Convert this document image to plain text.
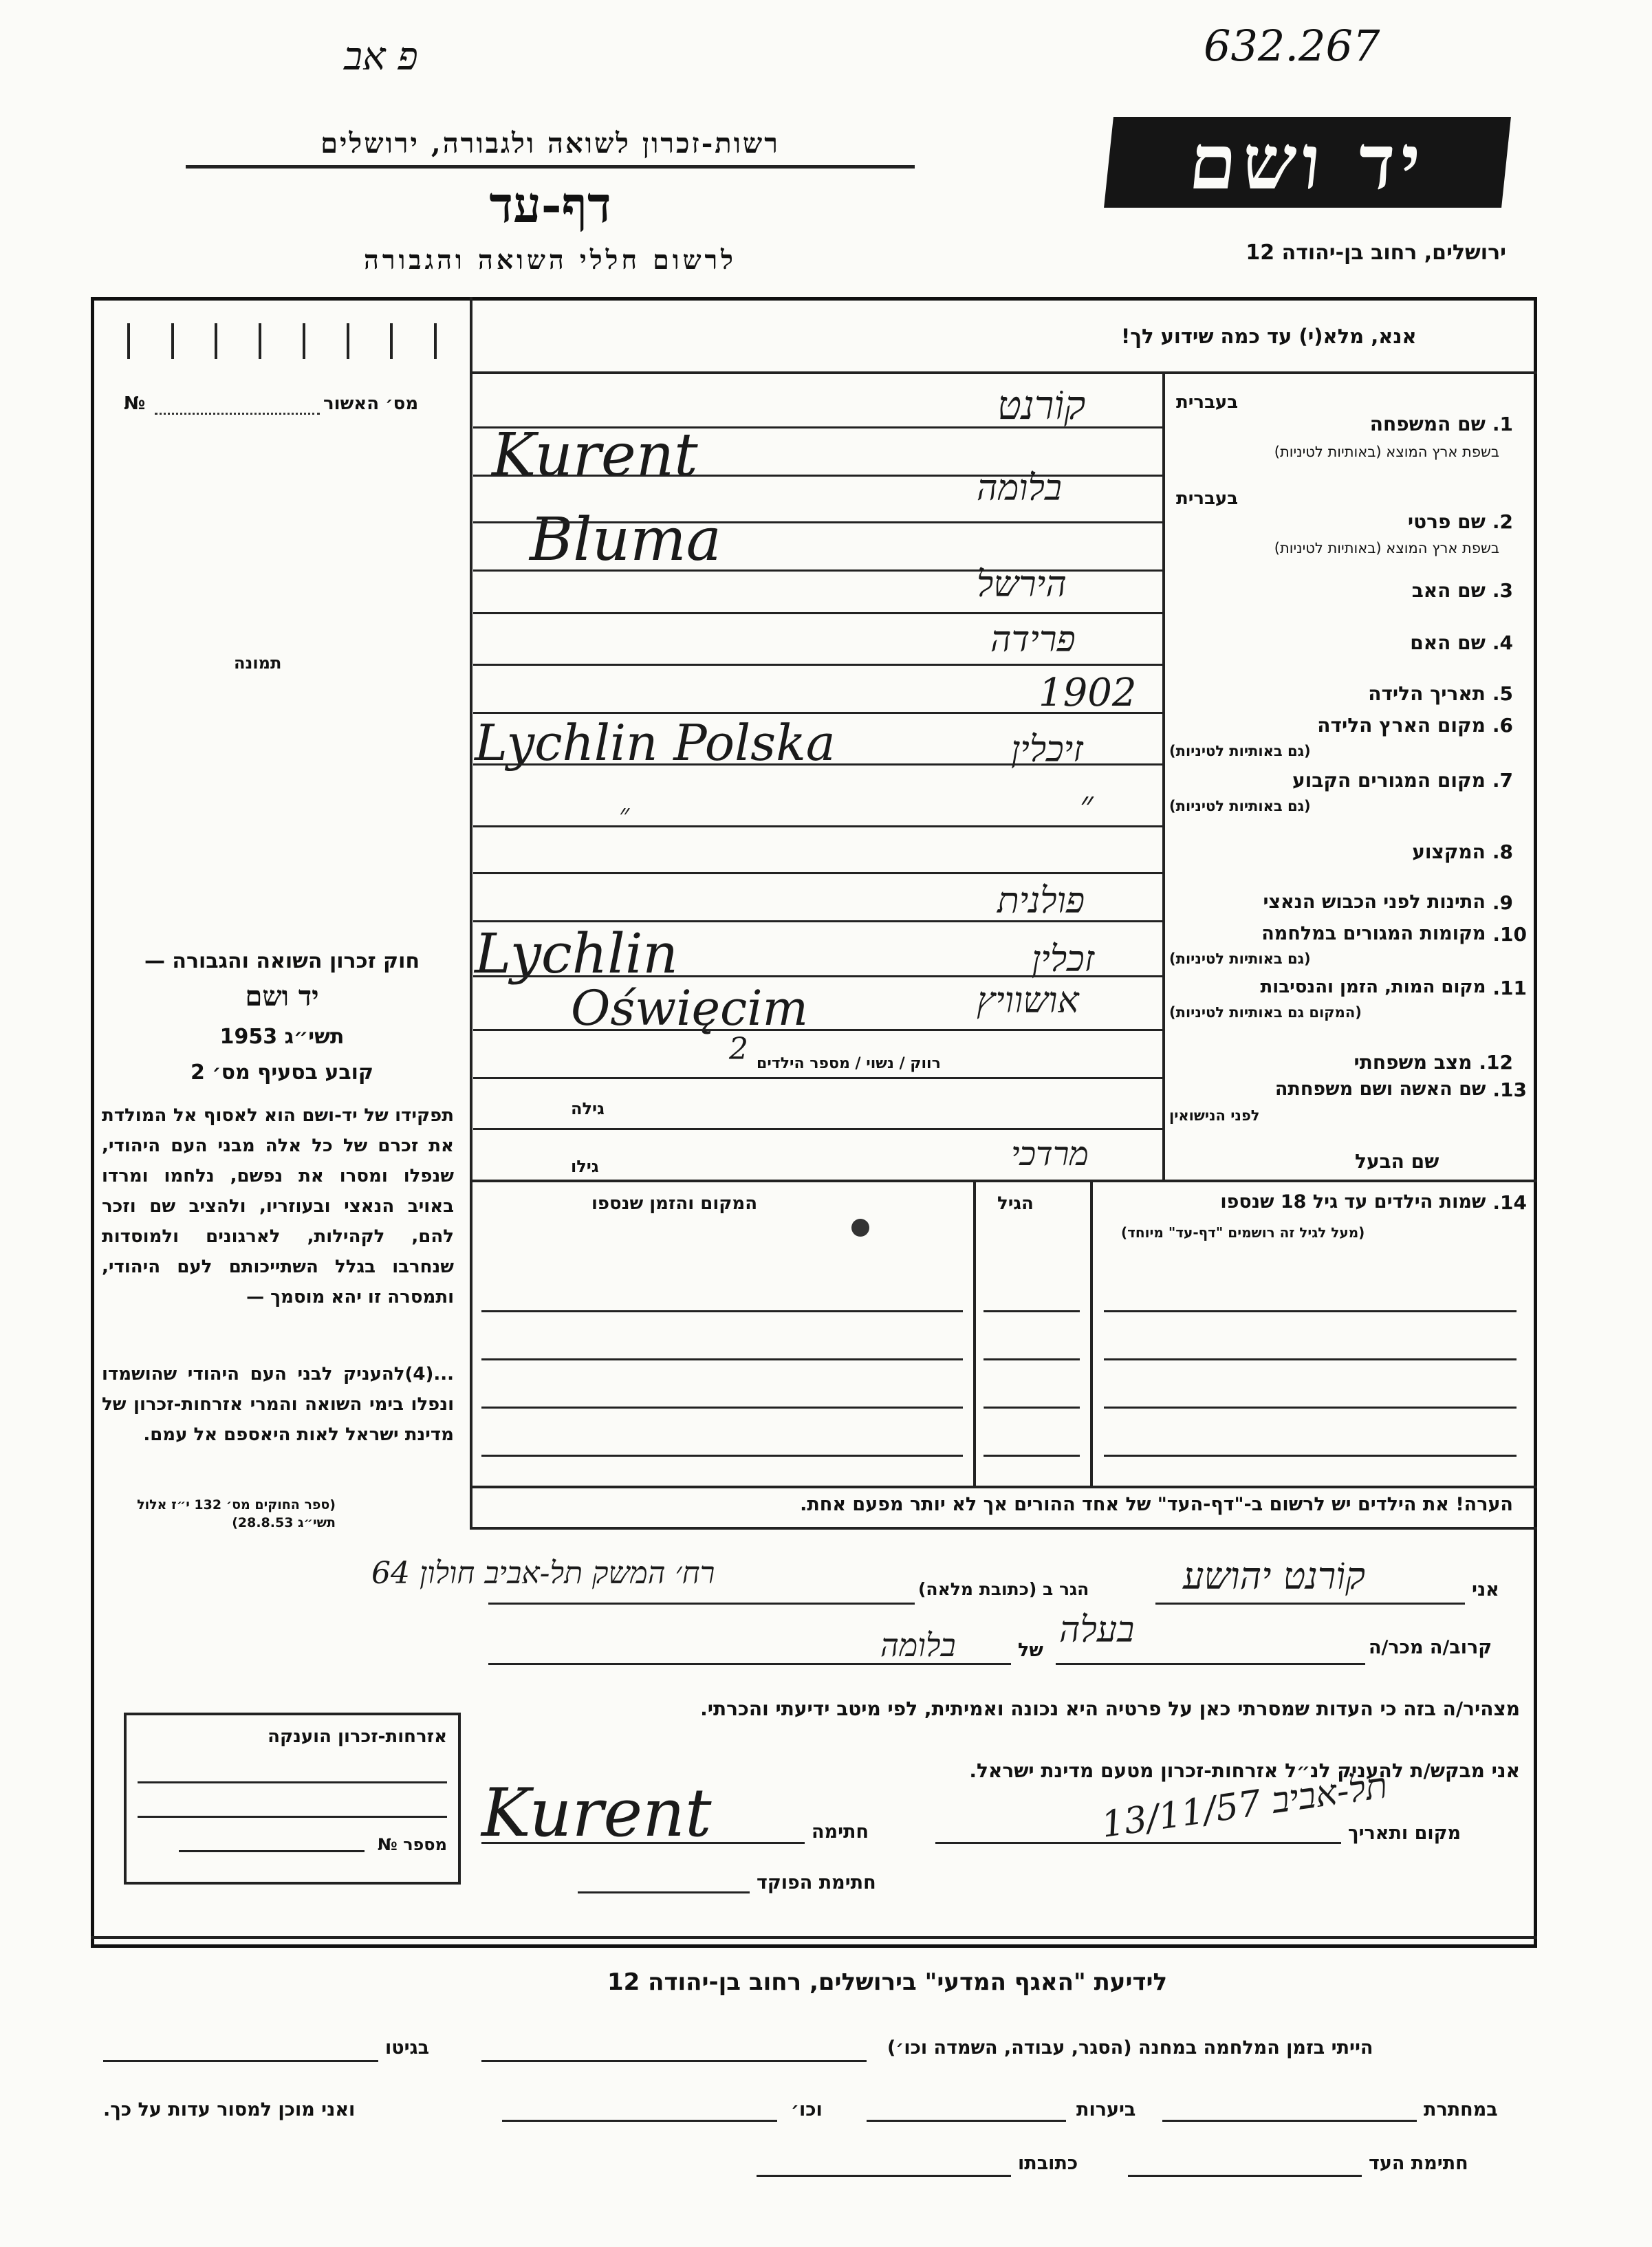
פ אב	632.267
רשות-זכרון לשואה ולגבורה, ירושלים
דף-עד
לרשום חללי השואה והגבורה
יד ושם
ירושלים, רחוב בן-יהודה 12
מס׳ האשור
№
תמונה
חוק זכרון השואה והגבורה —
יד ושם
תשי״ג 1953
קובע בסעיף מס׳ 2
תפקידו של יד-ושם הוא לאסוף אל המולדת את זכרם של כל אלה מבני העם היהודי, שנפלו ומסרו את נפשם, נלחמו ומרדו באויב הנאצי ובעוזריו, ולהציב שם וזכר להם, לקהילות, לארגונים ולמוסדות שנחרבו בגלל השתייכותם לעם היהודי, ותמסרה זו יהא מוסמך —
...(4)להעניק לבני העם היהודי שהושמדו ונפלו בימי השואה והמרי אזרחות-זכרון של מדינת ישראל לאות היאספם אל עמם.
(ספר החוקים מס׳ 132 י״ז אלול תשי״ג 28.8.53)
אנא, מלא(י) עד כמה שידוע לך!
1.
שם המשפחה
בשפת ארץ המוצא (באותיות לטיניות)
בעברית
קוֹרנט
Kurent
בעברית
2.
שם פרטי
בשפת ארץ המוצא (באותיות לטיניות)
בלומה
Bluma
3.
שם האב
הירשל
4.
שם האם
פרידה
5.
תאריך הלידה
1902
6.
מקום הארץ הלידה
(גם באותיות לטיניות)
זיכלין
Lychlin Polska
7.
מקום המגורים הקבוע
(גם באותיות לטיניות)
״
״
8.
המקצוע
9.
התינות לפני הכבוש הנאצי
פולנית
10.
מקומות המגורים במלחמה
(גם באותיות לטיניות)
זכלין
Lychlin
11.
מקום המות, הזמן והנסיבות
(המקום גם באותיות לטיניות)
אושוויץ
Oświęcim
12.
מצב משפחתי
רווק / נשוי / מספר הילדים
2
13.
שם האשה ושם משפחתה
לפני הנישואין
גילה
שם הבעל
מרדכי
גילו
14.
שמות הילדים עד גיל 18 שנספו
(מעל לגיל זה רושמים "דף-עד" מיוחד)
הגיל
המקום והזמן שנספו
הערה! את הילדים יש לרשום ב-"דף-העד" של אחד ההורים אך לא יותר מפעם אחת.
אני
קוֹרנט יהושע
הגר ב (כתובת מלאה)
רח׳ המשק תל-אביב חולון 64
קרוב/ה מכר/ה
בעלה
של
בלומה
מצהיר/ה בזה כי העדות שמסרתי כאן על פרטיה היא נכונה ואמיתית, לפי מיטב ידיעתי והכרתי.
אני מבקש/ת להעניק לנ״ל אזרחות-זכרון מטעם מדינת ישראל.
מקום ותאריך
תל-אביב 13/11/57
חתימה
Kurent
חתימת הפוקד
אזרחות-זכרון הוענקה
מספר №
לידיעת "האגף המדעי" בירושלים, רחוב בן-יהודה 12
הייתי בזמן המלחמה במחנה (הסגר, עבודה, השמדה וכו׳)
בגיטו
במחתרת
ביערות
וכו׳
ואני מוכן למסור עדות על כך.
חתימת העד
כתובתו
